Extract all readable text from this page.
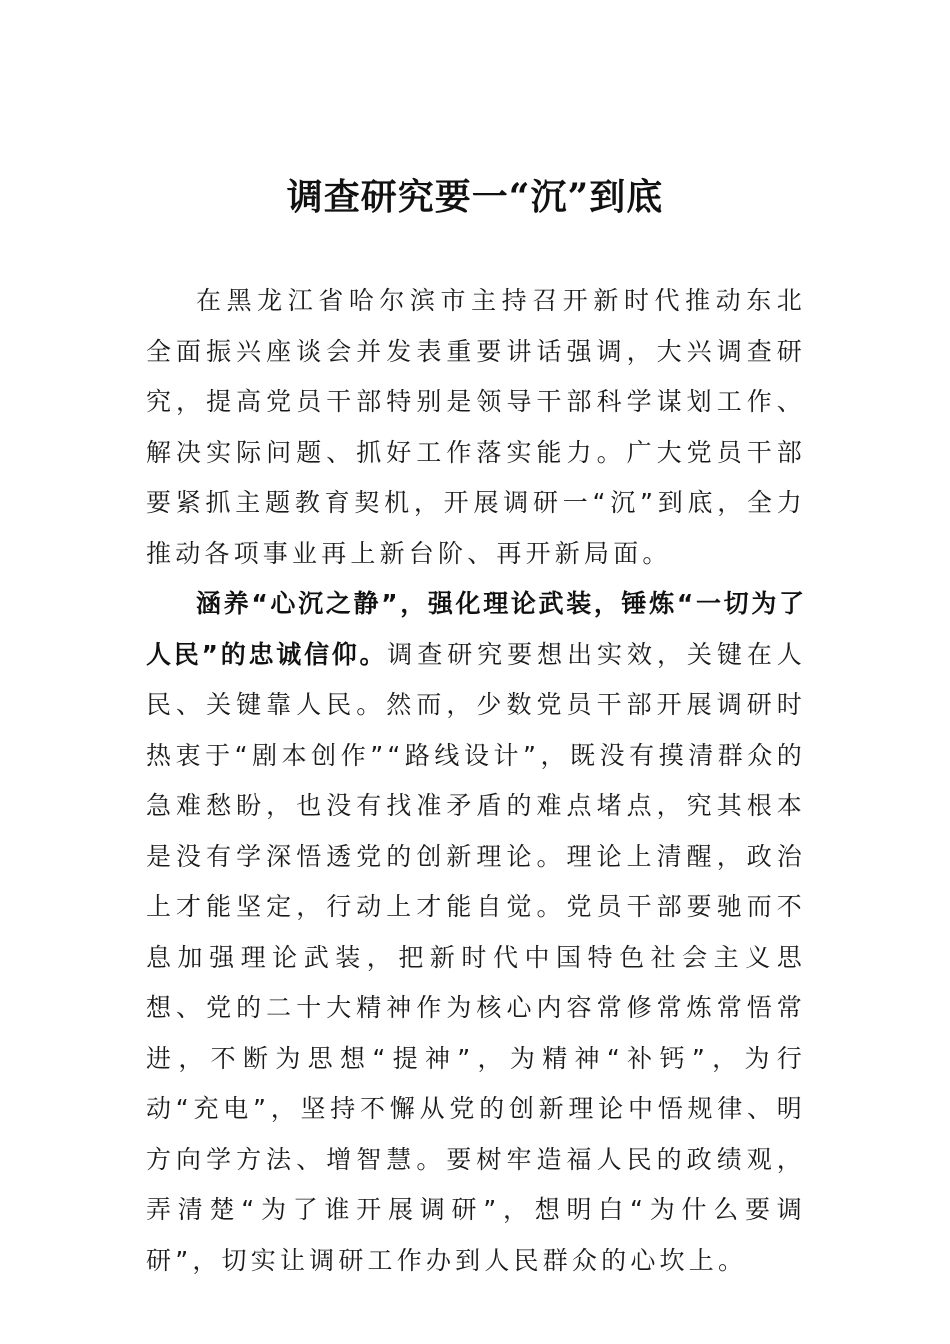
调查研究要一“沉”到底

在黑龙江省哈尔滨市主持召开新时代推动东北全面振兴座谈会并发表重要讲话强调，大兴调查研究，提高党员干部特别是领导干部科学谋划工作、解决实际问题、抓好工作落实能力。广大党员干部要紧抓主题教育契机，开展调研一“沉”到底，全力推动各项事业再上新台阶、再开新局面。

涵养“心沉之静”，强化理论武装，锤炼“一切为了人民”的忠诚信仰。调查研究要想出实效，关键在人民、关键靠人民。然而，少数党员干部开展调研时热衷于“剧本创作”“路线设计”，既没有摸清群众的急难愁盼，也没有找准矛盾的难点堵点，究其根本是没有学深悟透党的创新理论。理论上清醒，政治上才能坚定，行动上才能自觉。党员干部要驰而不息加强理论武装，把新时代中国特色社会主义思想、党的二十大精神作为核心内容常修常炼常悟常进，不断为思想“提神”，为精神“补钙”，为行动“充电”，坚持不懈从党的创新理论中悟规律、明方向学方法、增智慧。要树牢造福人民的政绩观，弄清楚“为了谁开展调研”，想明白“为什么要调研”，切实让调研工作办到人民群众的心坎上。
